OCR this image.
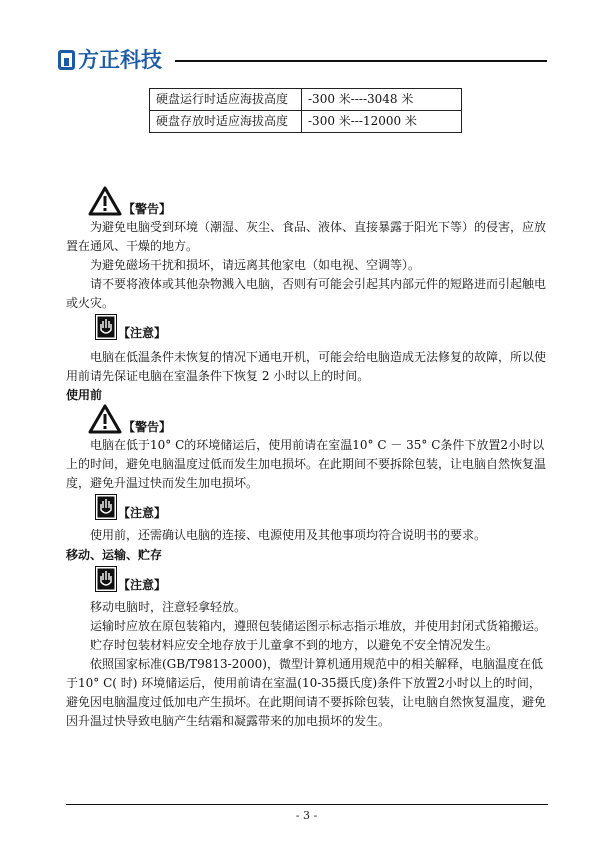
方正科技
硬盘运行时适应海拔高度	-300 米----3048 米
硬盘存放时适应海拔高度	-300 米---12000 米
【警告】

为避免电脑受到环境（潮湿、灰尘、食品、液体、直接暴露于阳光下等）的侵害，应放置在通风、干燥的地方。

为避免磁场干扰和损坏，请远离其他家电（如电视、空调等）。

请不要将液体或其他杂物溅入电脑，否则有可能会引起其内部元件的短路进而引起触电或火灾。

【注意】

电脑在低温条件未恢复的情况下通电开机，可能会给电脑造成无法修复的故障，所以使用前请先保证电脑在室温条件下恢复 2 小时以上的时间。

使用前
【警告】

电脑在低于10° C的环境储运后，使用前请在室温10° C － 35° C条件下放置2小时以上的时间，避免电脑温度过低而发生加电损坏。在此期间不要拆除包装，让电脑自然恢复温度，避免升温过快而发生加电损坏。

【注意】

使用前，还需确认电脑的连接、电源使用及其他事项均符合说明书的要求。

移动、运输、贮存
【注意】

移动电脑时，注意轻拿轻放。

运输时应放在原包装箱内，遵照包装储运图示标志指示堆放，并使用封闭式货箱搬运。

贮存时包装材料应安全地存放于儿童拿不到的地方，以避免不安全情况发生。

依照国家标准(GB/T9813-2000)，微型计算机通用规范中的相关解释，电脑温度在低于10° C( 时) 环境储运后，使用前请在室温(10-35摄氏度)条件下放置2小时以上的时间，避免因电脑温度过低加电产生损坏。在此期间请不要拆除包装，让电脑自然恢复温度，避免因升温过快导致电脑产生结霜和凝露带来的加电损坏的发生。

- 3 -
